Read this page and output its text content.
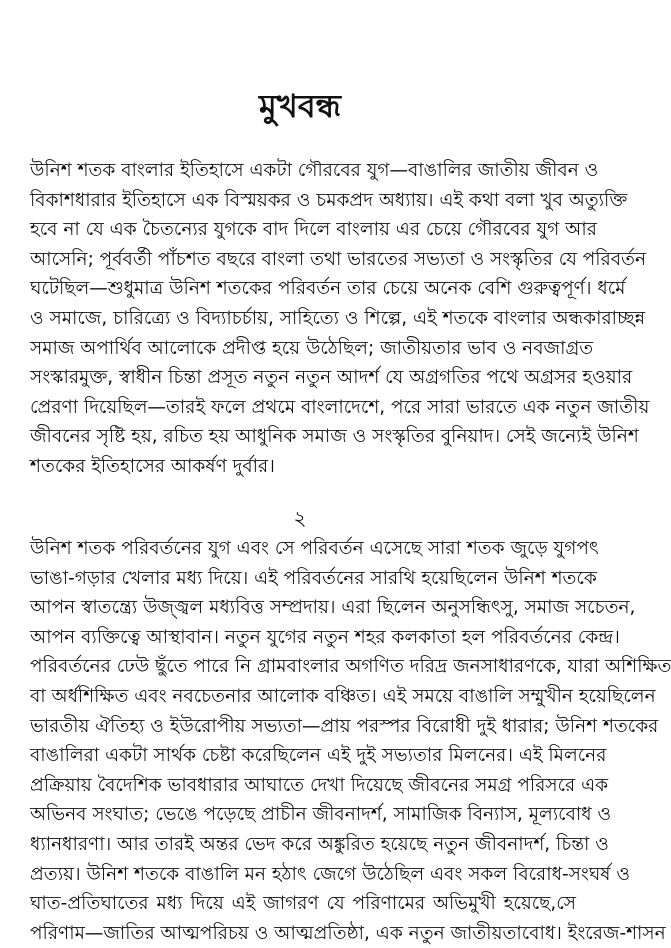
মুখবন্ধ
উনিশ শতক বাংলার ইতিহাসে একটা গৌরবের যুগ—বাঙালির জাতীয় জীবন ও
বিকাশধারার ইতিহাসে এক বিস্ময়কর ও চমকপ্রদ অধ্যায়। এই কথা বলা খুব অত্যুক্তি
হবে না যে এক চৈতন্যের যুগকে বাদ দিলে বাংলায় এর চেয়ে গৌরবের যুগ আর
আসেনি; পূর্ববর্তী পাঁচশত বছরে বাংলা তথা ভারতের সভ্যতা ও সংস্কৃতির যে পরিবর্তন
ঘটেছিল—শুধুমাত্র উনিশ শতকের পরিবর্তন তার চেয়ে অনেক বেশি গুরুত্বপূর্ণ। ধর্মে
ও সমাজে, চারিত্র্যে ও বিদ্যাচর্চায়, সাহিত্যে ও শিল্পে, এই শতকে বাংলার অন্ধকারাচ্ছন্ন
সমাজ অপার্থিব আলোকে প্রদীপ্ত হয়ে উঠেছিল; জাতীয়তার ভাব ও নবজাগ্রত
সংস্কারমুক্ত, স্বাধীন চিন্তা প্রসূত নতুন নতুন আদর্শ যে অগ্রগতির পথে অগ্রসর হওয়ার
প্রেরণা দিয়েছিল—তারই ফলে প্রথমে বাংলাদেশে, পরে সারা ভারতে এক নতুন জাতীয়
জীবনের সৃষ্টি হয়, রচিত হয় আধুনিক সমাজ ও সংস্কৃতির বুনিয়াদ। সেই জন্যেই উনিশ
শতকের ইতিহাসের আকর্ষণ দুর্বার।
২
উনিশ শতক পরিবর্তনের যুগ এবং সে পরিবর্তন এসেছে সারা শতক জুড়ে যুগপৎ
ভাঙা-গড়ার খেলার মধ্য দিয়ে। এই পরিবর্তনের সারথি হয়েছিলেন উনিশ শতকে
আপন স্বাতন্ত্র্যে উজ্জ্বল মধ্যবিত্ত সম্প্রদায়। এরা ছিলেন অনুসন্ধিৎসু, সমাজ সচেতন,
আপন ব্যক্তিত্বে আস্থাবান। নতুন যুগের নতুন শহর কলকাতা হল পরিবর্তনের কেন্দ্র।
পরিবর্তনের ঢেউ ছুঁতে পারে নি গ্রামবাংলার অগণিত দরিদ্র জনসাধারণকে, যারা অশিক্ষিত
বা অর্ধশিক্ষিত এবং নবচেতনার আলোক বঞ্চিত। এই সময়ে বাঙালি সম্মুখীন হয়েছিলেন
ভারতীয় ঐতিহ্য ও ইউরোপীয় সভ্যতা—প্রায় পরস্পর বিরোধী দুই ধারার; উনিশ শতকের
বাঙালিরা একটা সার্থক চেষ্টা করেছিলেন এই দুই সভ্যতার মিলনের। এই মিলনের
প্রক্রিয়ায় বৈদেশিক ভাবধারার আঘাতে দেখা দিয়েছে জীবনের সমগ্র পরিসরে এক
অভিনব সংঘাত; ভেঙে পড়েছে প্রাচীন জীবনাদর্শ, সামাজিক বিন্যাস, মূল্যবোধ ও
ধ্যানধারণা। আর তারই অন্তর ভেদ করে অঙ্কুরিত হয়েছে নতুন জীবনাদর্শ, চিন্তা ও
প্রত্যয়। উনিশ শতকে বাঙালি মন হঠাৎ জেগে উঠেছিল এবং সকল বিরোধ-সংঘর্ষ ও
ঘাত-প্রতিঘাতের মধ্য দিয়ে এই জাগরণ যে পরিণামের অভিমুখী হয়েছে,সে
পরিণাম—জাতির আত্মপরিচয় ও আত্মপ্রতিষ্ঠা, এক নতুন জাতীয়তাবোধ। ইংরেজ-শাসন
